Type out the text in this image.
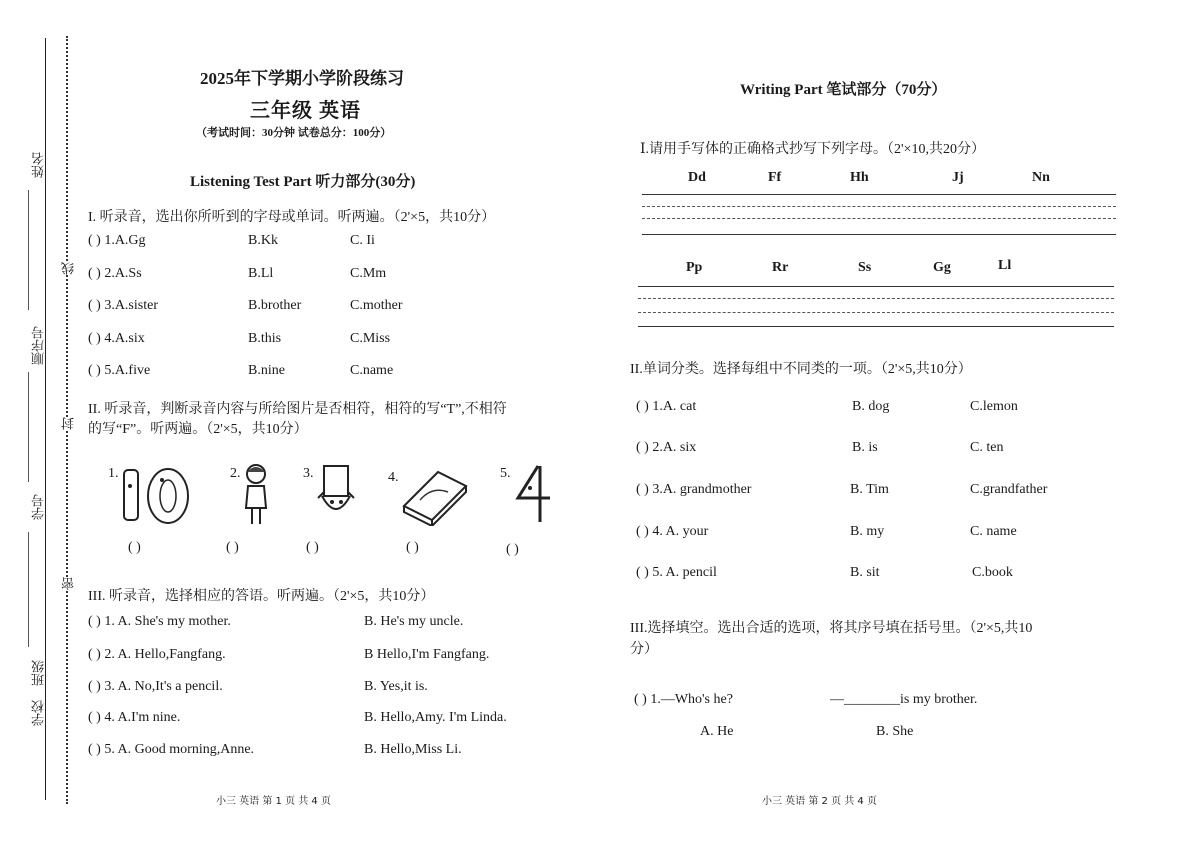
姓名
顺序号
学号
班级
学校
线
封
密
2025年下学期小学阶段练习
三年级 英语
（考试时间：30分钟 试卷总分：100分）
Listening Test Part 听力部分(30分)
I. 听录音，选出你所听到的字母或单词。听两遍。（2'×5，共10分）
( ) 1.A.Gg	B.Kk	C. Ii
( ) 2.A.Ss	B.Ll	C.Mm
( ) 3.A.sister	B.brother	C.mother
( ) 4.A.six	B.this	C.Miss
( ) 5.A.five	B.nine	C.name
II. 听录音，判断录音内容与所给图片是否相符，相符的写“T”,不相符
的写“F”。听两遍。（2'×5，共10分）
1.
( )
2.
( )
3.
( )
4.
( )
5.
( )
III. 听录音，选择相应的答语。听两遍。（2'×5，共10分）
( ) 1. A. She's my mother.	B. He's my uncle.
( ) 2. A. Hello,Fangfang.	B Hello,I'm Fangfang.
( ) 3. A. No,It's a pencil.	B. Yes,it is.
( ) 4. A.I'm nine.	B. Hello,Amy. I'm Linda.
( ) 5. A. Good morning,Anne.	B. Hello,Miss Li.
小三 英语 第 1 页 共 4 页
Writing Part 笔试部分（70分）
Ⅰ.请用手写体的正确格式抄写下列字母。（2'×10,共20分）
Dd	Ff	Hh	Jj	Nn
Pp	Rr	Ss	Gg	Ll
II.单词分类。选择每组中不同类的一项。（2'×5,共10分）
( ) 1.A. cat	B. dog	C.lemon
( ) 2.A. six	B. is	C. ten
( ) 3.A. grandmother	B. Tim	C.grandfather
( ) 4. A. your	B. my	C. name
( ) 5. A. pencil	B. sit	C.book
III.选择填空。选出合适的选项，将其序号填在括号里。（2'×5,共10
分）
( ) 1.—Who's he?	—________is my brother.
A. He	B. She
小三 英语 第 2 页 共 4 页
